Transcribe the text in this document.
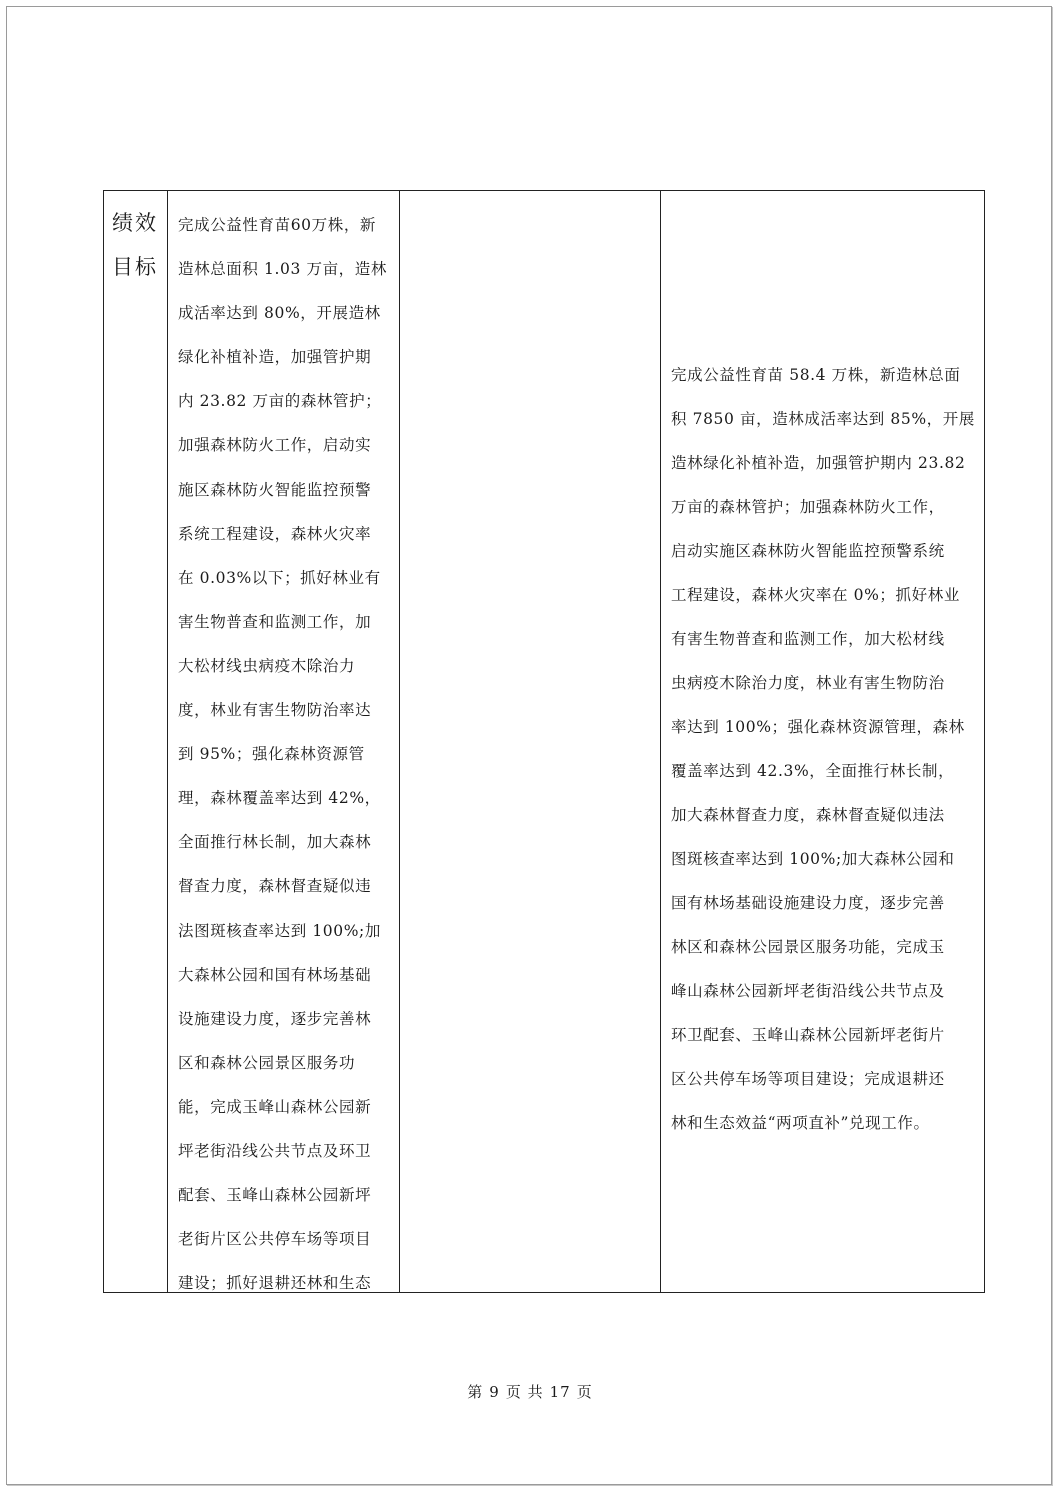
绩效
目标
完成公益性育苗60万株，新
造林总面积 1.03 万亩，造林
成活率达到 80%，开展造林
绿化补植补造，加强管护期
内 23.82 万亩的森林管护；
加强森林防火工作，启动实
施区森林防火智能监控预警
系统工程建设，森林火灾率
在 0.03%以下；抓好林业有
害生物普查和监测工作，加
大松材线虫病疫木除治力
度，林业有害生物防治率达
到 95%；强化森林资源管
理，森林覆盖率达到 42%，
全面推行林长制，加大森林
督查力度，森林督查疑似违
法图斑核查率达到 100%;加
大森林公园和国有林场基础
设施建设力度，逐步完善林
区和森林公园景区服务功
能，完成玉峰山森林公园新
坪老街沿线公共节点及环卫
配套、玉峰山森林公园新坪
老街片区公共停车场等项目
建设；抓好退耕还林和生态
完成公益性育苗 58.4 万株，新造林总面
积 7850 亩，造林成活率达到 85%，开展
造林绿化补植补造，加强管护期内 23.82
万亩的森林管护；加强森林防火工作，
启动实施区森林防火智能监控预警系统
工程建设，森林火灾率在 0%；抓好林业
有害生物普查和监测工作，加大松材线
虫病疫木除治力度，林业有害生物防治
率达到 100%；强化森林资源管理，森林
覆盖率达到 42.3%，全面推行林长制，
加大森林督查力度，森林督查疑似违法
图斑核查率达到 100%;加大森林公园和
国有林场基础设施建设力度，逐步完善
林区和森林公园景区服务功能，完成玉
峰山森林公园新坪老街沿线公共节点及
环卫配套、玉峰山森林公园新坪老街片
区公共停车场等项目建设；完成退耕还
林和生态效益“两项直补”兑现工作。
第 9 页 共 17 页
